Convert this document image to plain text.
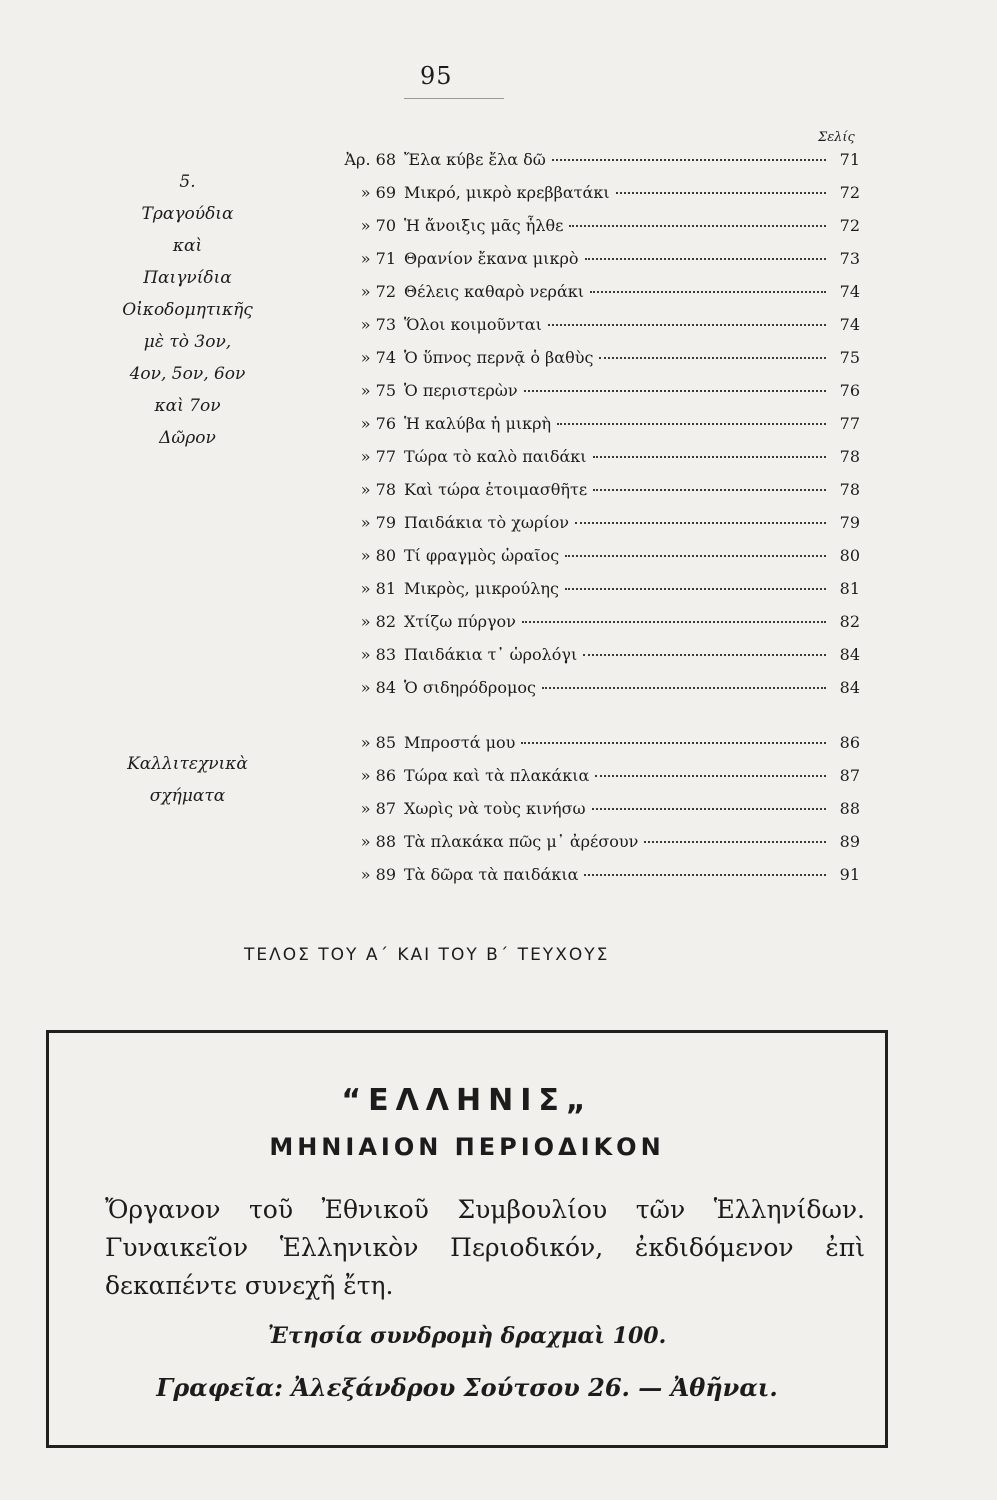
95
Σελίς
5.
Τραγούδια
καὶ
Παιγνίδια
Οἰκοδομητικῆς
μὲ τὸ 3ον,
4ον, 5ον, 6ον
καὶ 7ον
Δῶρον
Καλλιτεχνικὰ
σχήματα
Ἀρ. 68 Ἔλα κύβε ἔλα δῶ	71
» 69 Μικρό, μικρὸ κρεββατάκι	72
» 70 Ἡ ἄνοιξις μᾶς ἦλθε	72
» 71 Θρανίον ἔκανα μικρὸ	73
» 72 Θέλεις καθαρὸ νεράκι	74
» 73 Ὅλοι κοιμοῦνται	74
» 74 Ὁ ὕπνος περνᾷ ὁ βαθὺς	75
» 75 Ὁ περιστερὼν	76
» 76 Ἡ καλύβα ἡ μικρὴ	77
» 77 Τώρα τὸ καλὸ παιδάκι	78
» 78 Καὶ τώρα ἑτοιμασθῆτε	78
» 79 Παιδάκια τὸ χωρίον	79
» 80 Τί φραγμὸς ὡραῖος	80
» 81 Μικρὸς, μικρούλης	81
» 82 Χτίζω πύργον	82
» 83 Παιδάκια τ᾽ ὡρολόγι	84
» 84 Ὁ σιδηρόδρομος	84
» 85 Μπροστά μου	86
» 86 Τώρα καὶ τὰ πλακάκια	87
» 87 Χωρὶς νὰ τοὺς κινήσω	88
» 88 Τὰ πλακάκα πῶς μ᾽ ἀρέσουν	89
» 89 Τὰ δῶρα τὰ παιδάκια	91
ΤΕΛΟΣ ΤΟΥ Α΄ ΚΑΙ ΤΟΥ Β΄ ΤΕΥΧΟΥΣ
“ΕΛΛΗΝΙΣ„
ΜΗΝΙΑΙΟΝ ΠΕΡΙΟΔΙΚΟΝ
Ὄργανον τοῦ Ἐθνικοῦ Συμβουλίου τῶν Ἑλληνίδων. Γυναικεῖον Ἑλληνικὸν Περιοδικόν, ἐκδιδόμενον ἐπὶ δεκαπέντε συνεχῆ ἔτη.
Ἐτησία συνδρομὴ δραχμαὶ 100.
Γραφεῖα: Ἀλεξάνδρου Σούτσου 26. — Ἀθῆναι.
